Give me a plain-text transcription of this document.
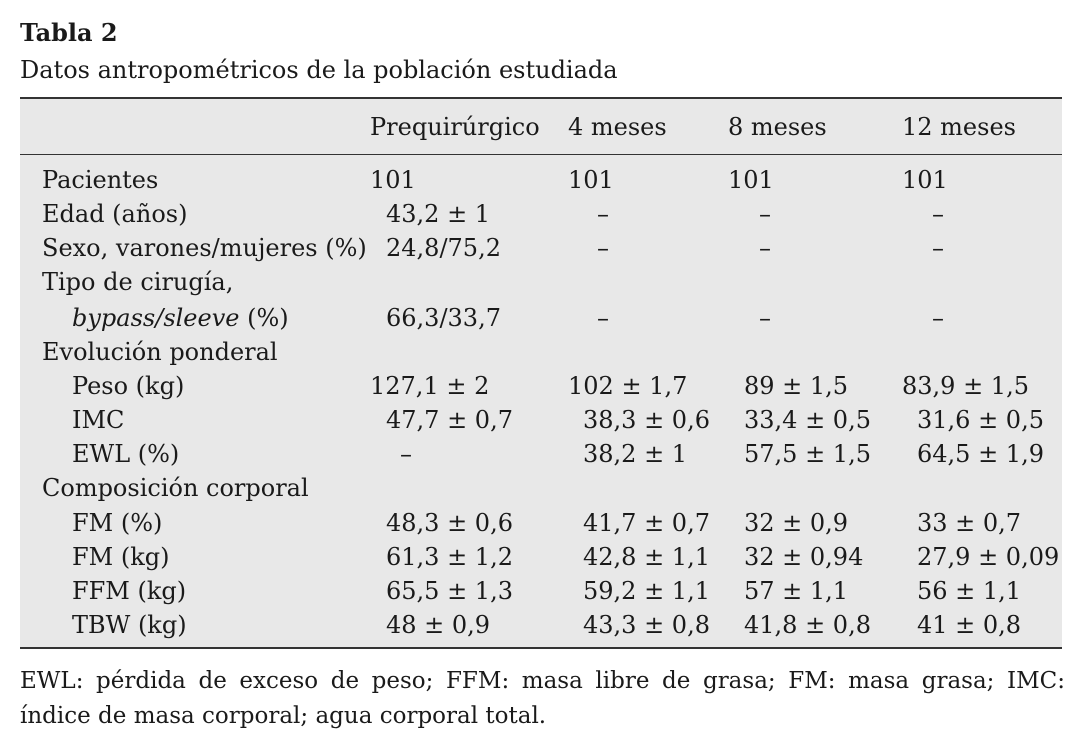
Tabla 2
Datos antropométricos de la población estudiada
Prequirúrgico 4 meses	8 meses	12 meses
Pacientes	101	101	101	101
Edad (años)	43,2 ± 1	–	–	–
Sexo, varones/mujeres (%) 24,8/75,2	–	–	–
Tipo de cirugía,
bypass/sleeve (%)	66,3/33,7	–	–	–
Evolución ponderal
Peso (kg)	127,1 ± 2	102 ± 1,7 89 ± 1,5 83,9 ± 1,5
IMC	47,7 ± 0,7	38,3 ± 0,6 33,4 ± 0,5 31,6 ± 0,5
EWL (%)	–	38,2 ± 1 57,5 ± 1,5 64,5 ± 1,9
Composición corporal
FM (%)	48,3 ± 0,6	41,7 ± 0,7 32 ± 0,9	33 ± 0,7
FM (kg)	61,3 ± 1,2	42,8 ± 1,1 32 ± 0,94 27,9 ± 0,09
FFM (kg)	65,5 ± 1,3	59,2 ± 1,1 57 ± 1,1	56 ± 1,1
TBW (kg)	48 ± 0,9	43,3 ± 0,8 41,8 ± 0,8 41 ± 0,8
EWL: pérdida de exceso de peso; FFM: masa libre de grasa; FM: masa grasa; IMC: índice de masa corporal; agua corporal total.
